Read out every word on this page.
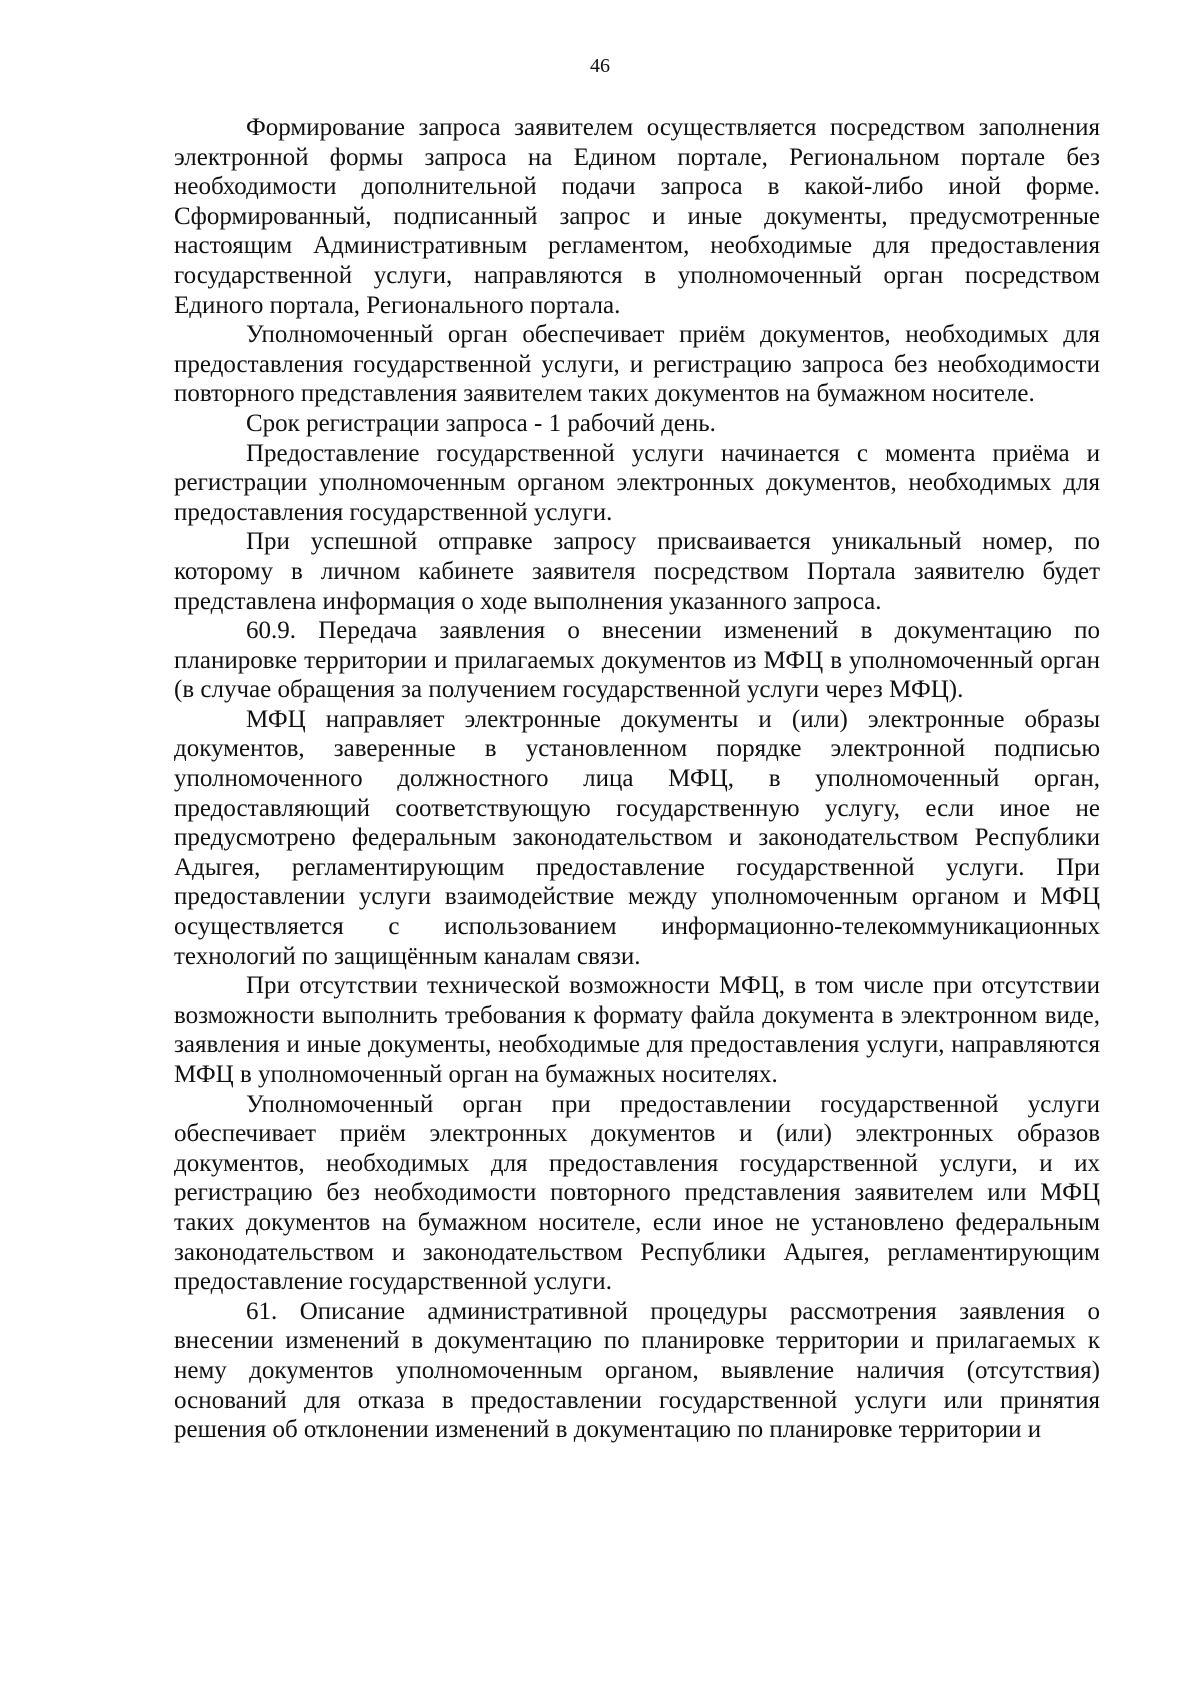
46

Формирование запроса заявителем осуществляется посредством заполнения электронной формы запроса на Едином портале, Региональном портале без необходимости дополнительной подачи запроса в какой-либо иной форме. Сформированный, подписанный запрос и иные документы, предусмотренные настоящим Административным регламентом, необходимые для предоставления государственной услуги, направляются в уполномоченный орган посредством Единого портала, Регионального портала.

Уполномоченный орган обеспечивает приём документов, необходимых для предоставления государственной услуги, и регистрацию запроса без необходимости повторного представления заявителем таких документов на бумажном носителе.

Срок регистрации запроса - 1 рабочий день.

Предоставление государственной услуги начинается с момента приёма и регистрации уполномоченным органом электронных документов, необходимых для предоставления государственной услуги.

При успешной отправке запросу присваивается уникальный номер, по которому в личном кабинете заявителя посредством Портала заявителю будет представлена информация о ходе выполнения указанного запроса.

60.9. Передача заявления о внесении изменений в документацию по планировке территории и прилагаемых документов из МФЦ в уполномоченный орган (в случае обращения за получением государственной услуги через МФЦ).

МФЦ направляет электронные документы и (или) электронные образы документов, заверенные в установленном порядке электронной подписью уполномоченного должностного лица МФЦ, в уполномоченный орган, предоставляющий соответствующую государственную услугу, если иное не предусмотрено федеральным законодательством и законодательством Республики Адыгея, регламентирующим предоставление государственной услуги. При предоставлении услуги взаимодействие между уполномоченным органом и МФЦ осуществляется с использованием информационно-телекоммуникационных технологий по защищённым каналам связи.

При отсутствии технической возможности МФЦ, в том числе при отсутствии возможности выполнить требования к формату файла документа в электронном виде, заявления и иные документы, необходимые для предоставления услуги, направляются МФЦ в уполномоченный орган на бумажных носителях.

Уполномоченный орган при предоставлении государственной услуги обеспечивает приём электронных документов и (или) электронных образов документов, необходимых для предоставления государственной услуги, и их регистрацию без необходимости повторного представления заявителем или МФЦ таких документов на бумажном носителе, если иное не установлено федеральным законодательством и законодательством Республики Адыгея, регламентирующим предоставление государственной услуги.

61. Описание административной процедуры рассмотрения заявления о внесении изменений в документацию по планировке территории и прилагаемых к нему документов уполномоченным органом, выявление наличия (отсутствия) оснований для отказа в предоставлении государственной услуги или принятия решения об отклонении изменений в документацию по планировке территории и
